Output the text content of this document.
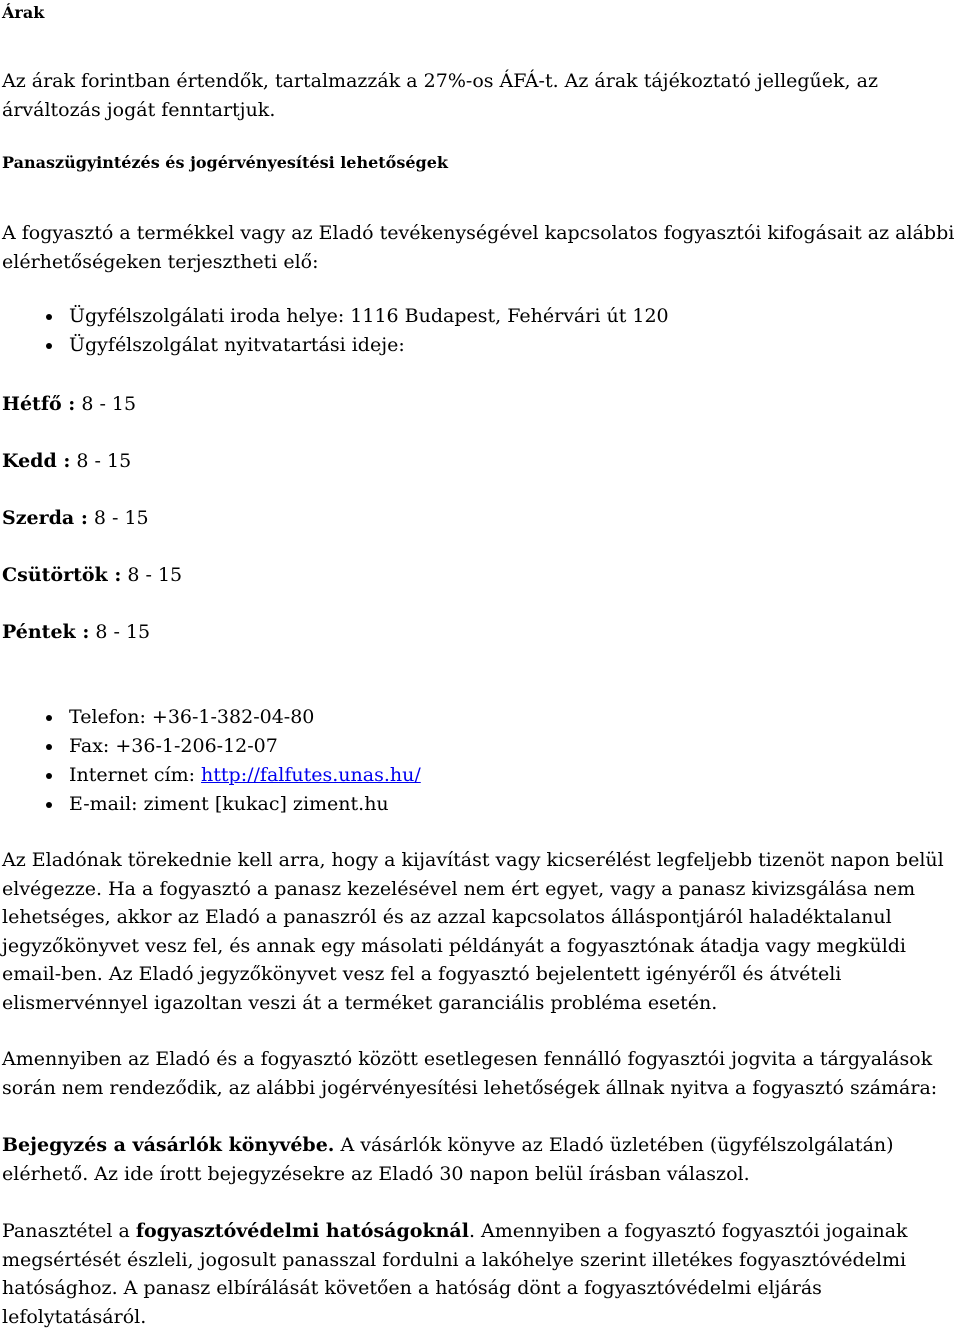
Árak

Az árak forintban értendők, tartalmazzák a 27%-os ÁFÁ-t. Az árak tájékoztató jellegűek, az árváltozás jogát fenntartjuk.

Panaszügyintézés és jogérvényesítési lehetőségek

A fogyasztó a termékkel vagy az Eladó tevékenységével kapcsolatos fogyasztói kifogásait az alábbi elérhetőségeken terjesztheti elő:

Ügyfélszolgálati iroda helye: 1116 Budapest, Fehérvári út 120
Ügyfélszolgálat nyitvatartási ideje:

Hétfő : 8 - 15

Kedd : 8 - 15

Szerda : 8 - 15

Csütörtök : 8 - 15

Péntek : 8 - 15

Telefon: +36-1-382-04-80
Fax: +36-1-206-12-07
Internet cím: http://falfutes.unas.hu/
E-mail: ziment [kukac] ziment.hu

Az Eladónak törekednie kell arra, hogy a kijavítást vagy kicserélést legfeljebb tizenöt napon belül elvégezze. Ha a fogyasztó a panasz kezelésével nem ért egyet, vagy a panasz kivizsgálása nem lehetséges, akkor az Eladó a panaszról és az azzal kapcsolatos álláspontjáról haladéktalanul jegyzőkönyvet vesz fel, és annak egy másolati példányát a fogyasztónak átadja vagy megküldi email-ben. Az Eladó jegyzőkönyvet vesz fel a fogyasztó bejelentett igényéről és átvételi elismervénnyel igazoltan veszi át a terméket garanciális probléma esetén.

Amennyiben az Eladó és a fogyasztó között esetlegesen fennálló fogyasztói jogvita a tárgyalások során nem rendeződik, az alábbi jogérvényesítési lehetőségek állnak nyitva a fogyasztó számára:

Bejegyzés a vásárlók könyvébe. A vásárlók könyve az Eladó üzletében (ügyfélszolgálatán) elérhető. Az ide írott bejegyzésekre az Eladó 30 napon belül írásban válaszol.

Panasztétel a fogyasztóvédelmi hatóságoknál. Amennyiben a fogyasztó fogyasztói jogainak megsértését észleli, jogosult panasszal fordulni a lakóhelye szerint illetékes fogyasztóvédelmi hatósághoz. A panasz elbírálását követően a hatóság dönt a fogyasztóvédelmi eljárás lefolytatásáról.
